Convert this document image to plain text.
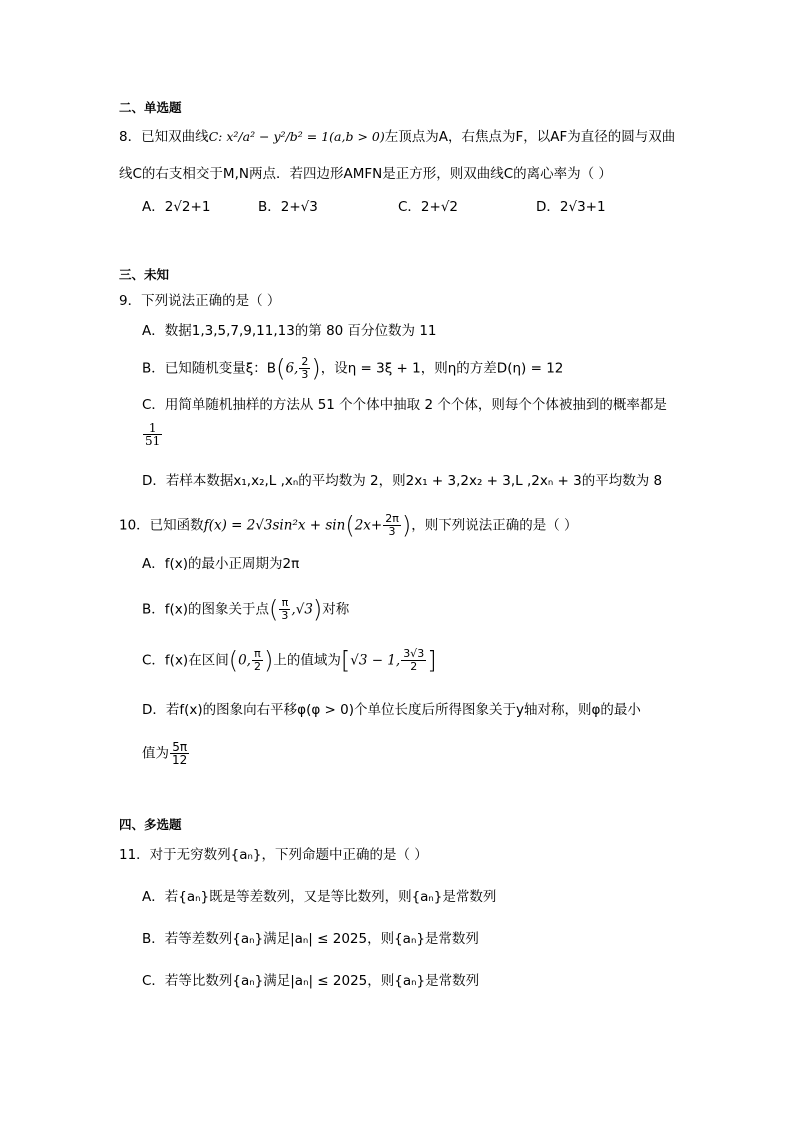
二、单选题
8．已知双曲线C: x²/a² − y²/b² = 1(a,b > 0)左顶点为A，右焦点为F，以AF为直径的圆与双曲
线C的右支相交于M,N两点．若四边形AMFN是正方形，则双曲线C的离心率为（ ）
A．2√2+1	B．2+√3	C．2+√2	D．2√3+1
三、未知
9．下列说法正确的是（ ）
A．数据1,3,5,7,9,11,13的第 80 百分位数为 11
B．已知随机变量ξ：B(6, $\frac{2}{3}$ )，设η = 3ξ + 1，则η的方差D(η) = 12
C．用简单随机抽样的方法从 51 个个体中抽取 2 个个体，则每个个体被抽到的概率都是
$\frac{1}{51}$
D．若样本数据x₁,x₂,L ,xₙ的平均数为 2，则2x₁ + 3,2x₂ + 3,L ,2xₙ + 3的平均数为 8
10．已知函数$f(x) = 2√3\sin^2x + \sin(2x+ \frac{2\pi}{3}$ )，则下列说法正确的是（ ）
A．f(x)的最小正周期为2π
B．f(x)的图象关于点( $\frac{\pi}{3} ,√3$)对称
C．f(x)在区间(0, $\frac{\pi}{2}$ )上的值域为[√3 − 1, $\frac{3√3}{2}$ ]
D．若f(x)的图象向右平移φ(φ > 0)个单位长度后所得图象关于y轴对称，则φ的最小
值为 $\frac{5\pi}{12}$
四、多选题
11．对于无穷数列{aₙ}，下列命题中正确的是（ ）
A．若{aₙ}既是等差数列，又是等比数列，则{aₙ}是常数列
B．若等差数列{aₙ}满足|aₙ| ≤ 2025，则{aₙ}是常数列
C．若等比数列{aₙ}满足|aₙ| ≤ 2025，则{aₙ}是常数列
